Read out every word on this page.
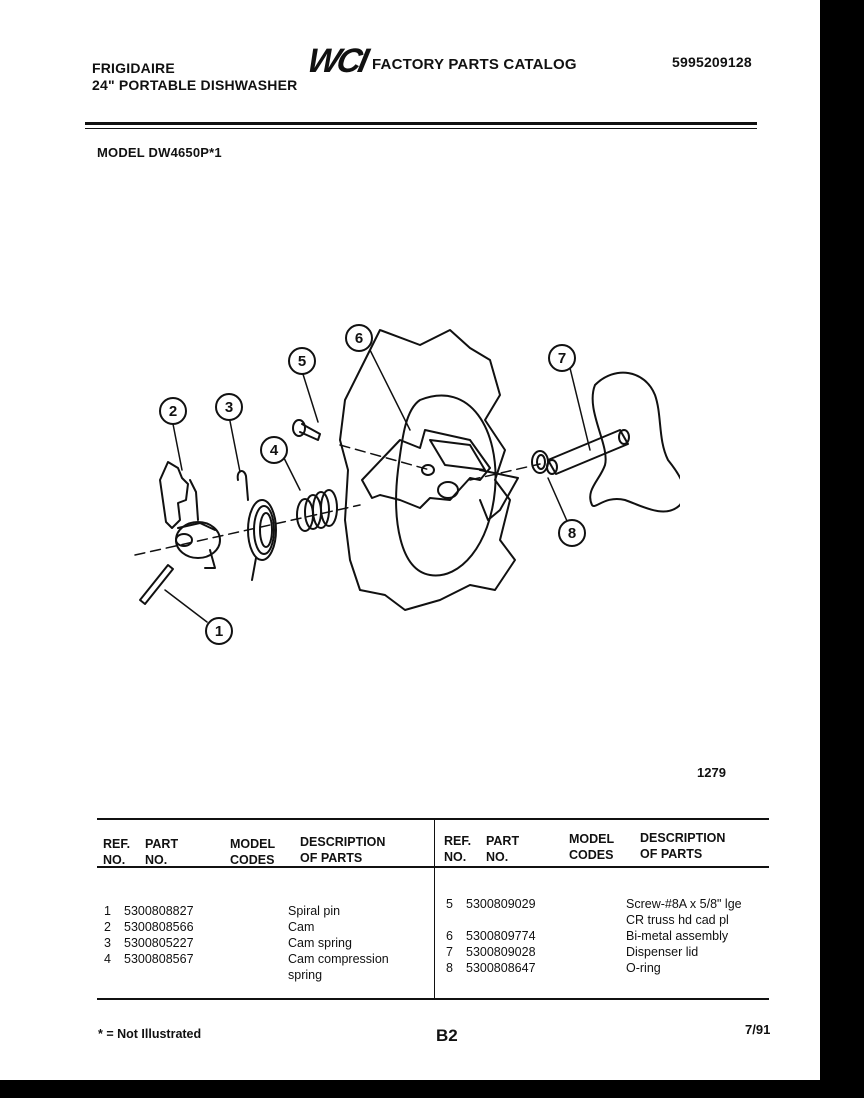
FRIGIDAIRE
24" PORTABLE DISHWASHER
WCI FACTORY PARTS CATALOG	5995209128
MODEL DW4650P*1
1
2	3
4
5
6
7
8
1279
REF.
NO.
PART
NO.
MODEL
CODES
DESCRIPTION
OF PARTS
REF.
NO.
PART
NO.
MODEL
CODES
DESCRIPTION
OF PARTS
1	5300808827	Spiral pin
2	5300808566	Cam
3	5300805227	Cam spring
4	5300808567	Cam compression
spring
5	5300809029	Screw-#8A x 5/8" lge
CR truss hd cad pl
6	5300809774	Bi-metal assembly
7	5300809028	Dispenser lid
8	5300808647	O-ring
* = Not Illustrated	B2	7/91
